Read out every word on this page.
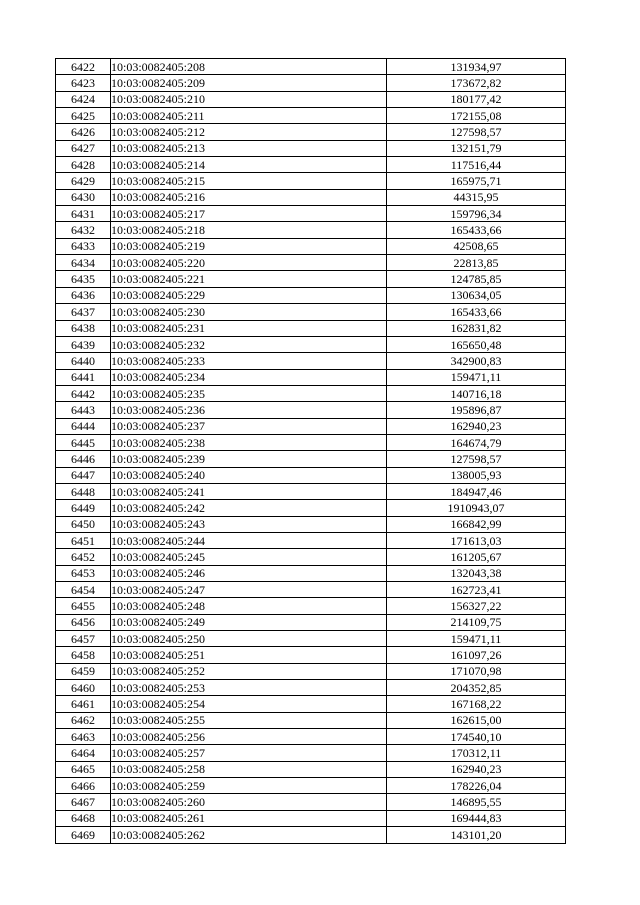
6422	10:03:0082405:208	131934,97
6423	10:03:0082405:209	173672,82
6424	10:03:0082405:210	180177,42
6425	10:03:0082405:211	172155,08
6426	10:03:0082405:212	127598,57
6427	10:03:0082405:213	132151,79
6428	10:03:0082405:214	117516,44
6429	10:03:0082405:215	165975,71
6430	10:03:0082405:216	44315,95
6431	10:03:0082405:217	159796,34
6432	10:03:0082405:218	165433,66
6433	10:03:0082405:219	42508,65
6434	10:03:0082405:220	22813,85
6435	10:03:0082405:221	124785,85
6436	10:03:0082405:229	130634,05
6437	10:03:0082405:230	165433,66
6438	10:03:0082405:231	162831,82
6439	10:03:0082405:232	165650,48
6440	10:03:0082405:233	342900,83
6441	10:03:0082405:234	159471,11
6442	10:03:0082405:235	140716,18
6443	10:03:0082405:236	195896,87
6444	10:03:0082405:237	162940,23
6445	10:03:0082405:238	164674,79
6446	10:03:0082405:239	127598,57
6447	10:03:0082405:240	138005,93
6448	10:03:0082405:241	184947,46
6449	10:03:0082405:242	1910943,07
6450	10:03:0082405:243	166842,99
6451	10:03:0082405:244	171613,03
6452	10:03:0082405:245	161205,67
6453	10:03:0082405:246	132043,38
6454	10:03:0082405:247	162723,41
6455	10:03:0082405:248	156327,22
6456	10:03:0082405:249	214109,75
6457	10:03:0082405:250	159471,11
6458	10:03:0082405:251	161097,26
6459	10:03:0082405:252	171070,98
6460	10:03:0082405:253	204352,85
6461	10:03:0082405:254	167168,22
6462	10:03:0082405:255	162615,00
6463	10:03:0082405:256	174540,10
6464	10:03:0082405:257	170312,11
6465	10:03:0082405:258	162940,23
6466	10:03:0082405:259	178226,04
6467	10:03:0082405:260	146895,55
6468	10:03:0082405:261	169444,83
6469	10:03:0082405:262	143101,20
